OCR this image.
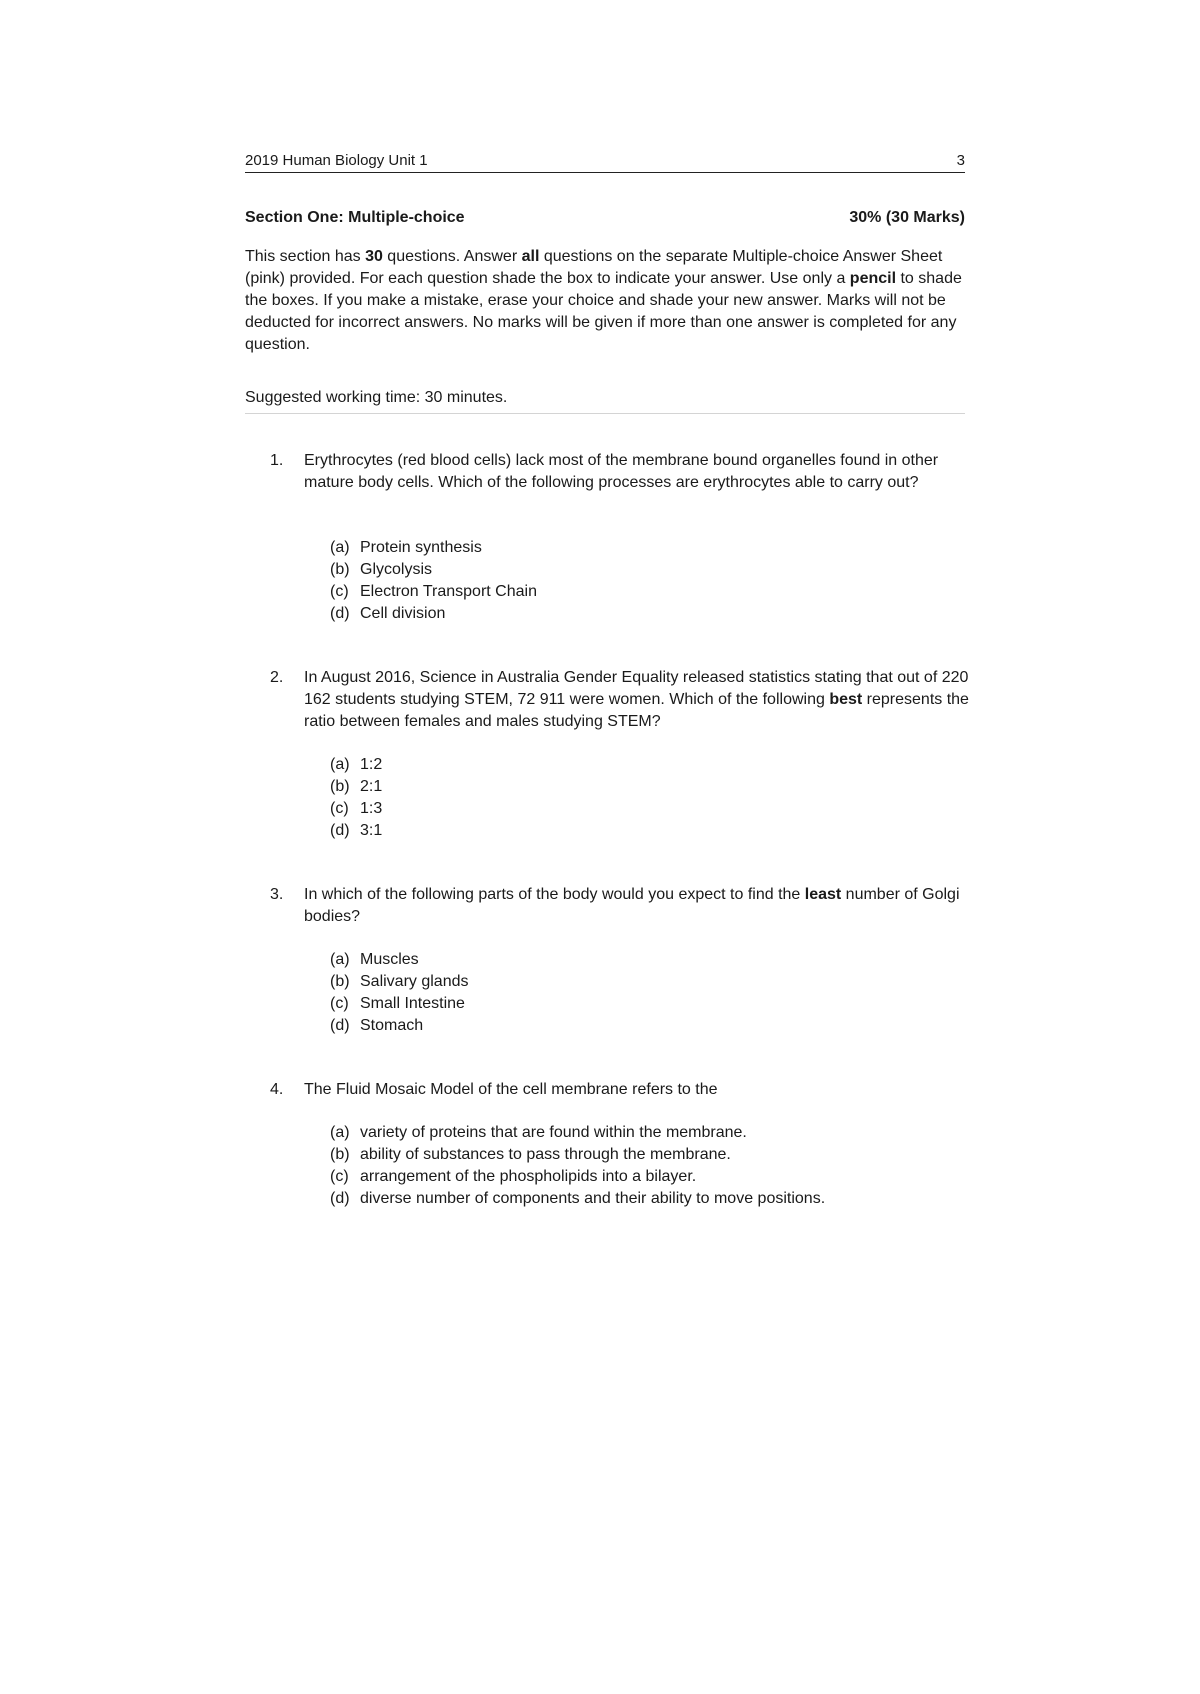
2019 Human Biology Unit 1	3
Section One: Multiple-choice	30% (30 Marks)

This section has 30 questions. Answer all questions on the separate Multiple-choice Answer Sheet (pink) provided. For each question shade the box to indicate your answer. Use only a pencil to shade the boxes. If you make a mistake, erase your choice and shade your new answer. Marks will not be deducted for incorrect answers. No marks will be given if more than one answer is completed for any question.

Suggested working time: 30 minutes.
1.	Erythrocytes (red blood cells) lack most of the membrane bound organelles found in other mature body cells. Which of the following processes are erythrocytes able to carry out?
(a) Protein synthesis
(b) Glycolysis
(c) Electron Transport Chain
(d) Cell division
2.	In August 2016, Science in Australia Gender Equality released statistics stating that out of 220 162 students studying STEM, 72 911 were women. Which of the following best represents the ratio between females and males studying STEM?
(a) 1:2
(b) 2:1
(c) 1:3
(d) 3:1
3.	In which of the following parts of the body would you expect to find the least number of Golgi bodies?
(a) Muscles
(b) Salivary glands
(c) Small Intestine
(d) Stomach
4.	The Fluid Mosaic Model of the cell membrane refers to the
(a) variety of proteins that are found within the membrane.
(b) ability of substances to pass through the membrane.
(c) arrangement of the phospholipids into a bilayer.
(d) diverse number of components and their ability to move positions.
